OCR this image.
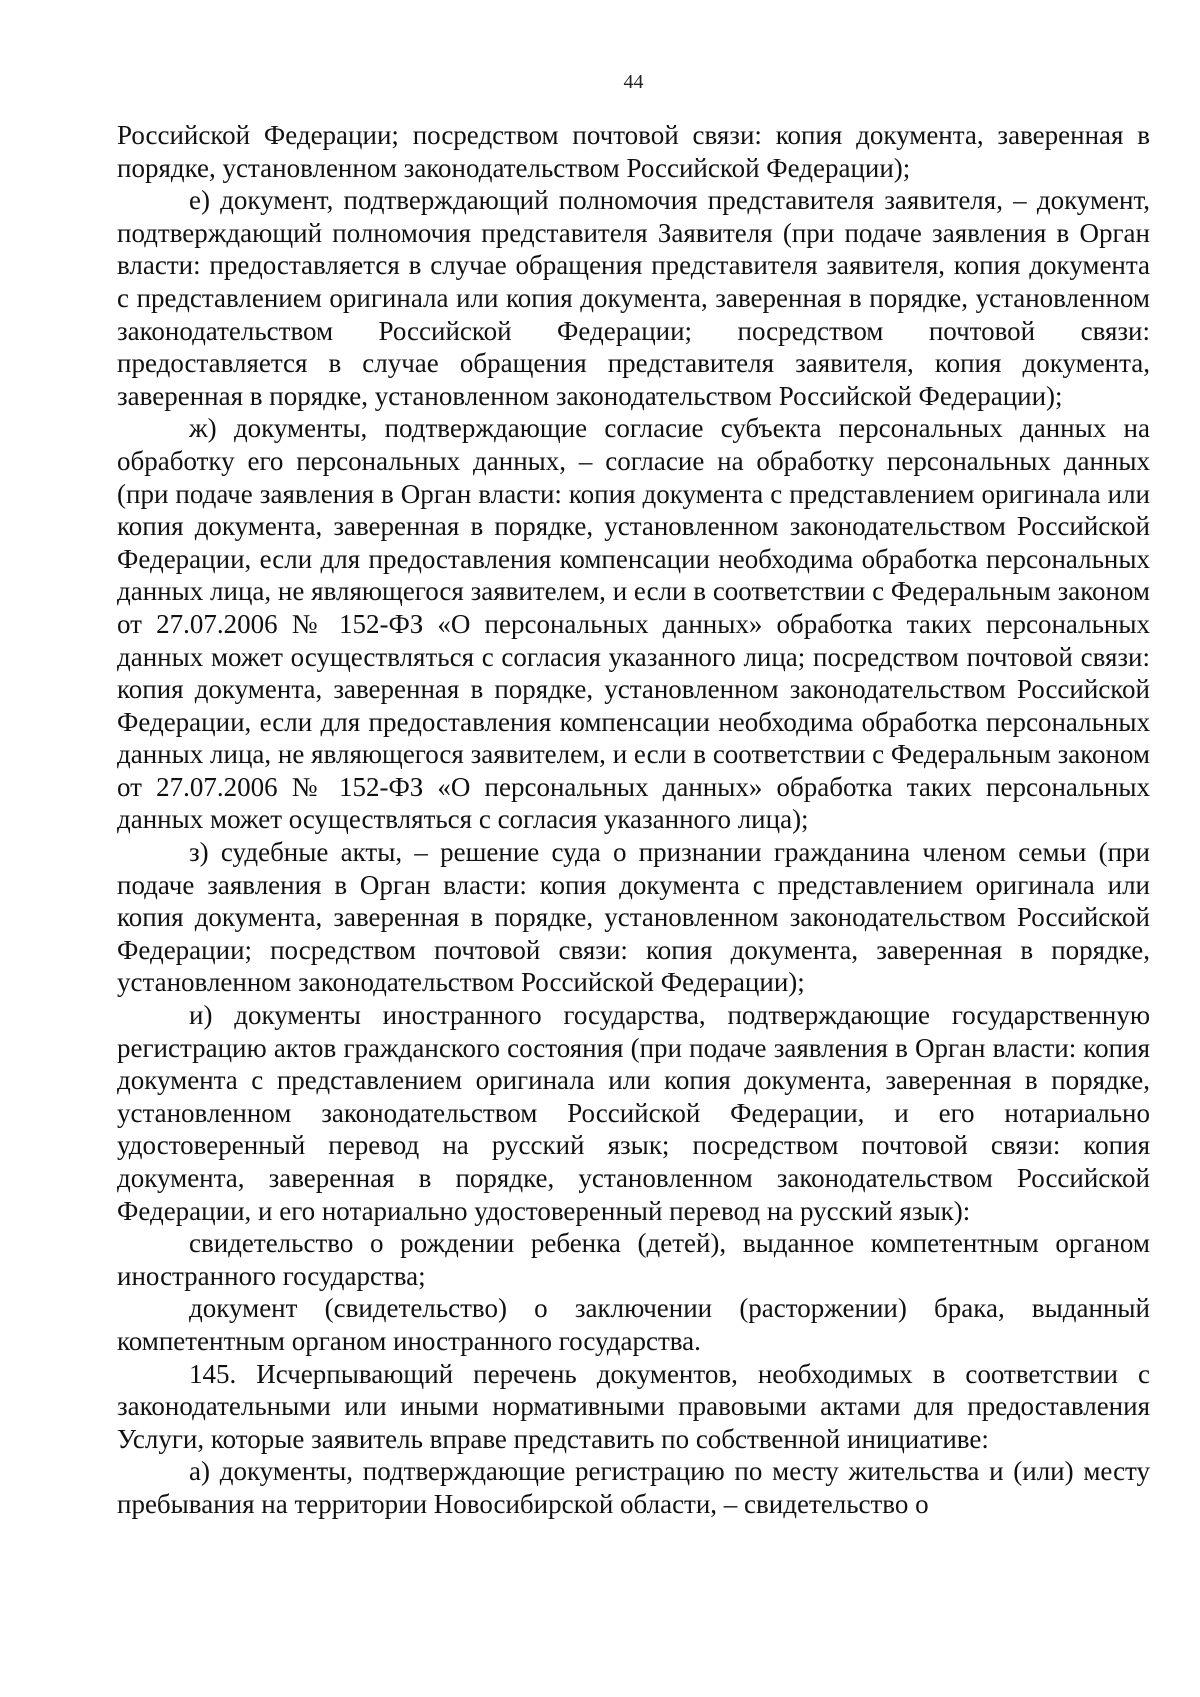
44

Российской Федерации; посредством почтовой связи: копия документа, заверенная в порядке, установленном законодательством Российской Федерации);

е) документ, подтверждающий полномочия представителя заявителя, – документ, подтверждающий полномочия представителя Заявителя (при подаче заявления в Орган власти: предоставляется в случае обращения представителя заявителя, копия документа с представлением оригинала или копия документа, заверенная в порядке, установленном законодательством Российской Федерации; посредством почтовой связи: предоставляется в случае обращения представителя заявителя, копия документа, заверенная в порядке, установленном законодательством Российской Федерации);

ж) документы, подтверждающие согласие субъекта персональных данных на обработку его персональных данных, – согласие на обработку персональных данных (при подаче заявления в Орган власти: копия документа с представлением оригинала или копия документа, заверенная в порядке, установленном законодательством Российской Федерации, если для предоставления компенсации необходима обработка персональных данных лица, не являющегося заявителем, и если в соответствии с Федеральным законом от 27.07.2006 № 152-ФЗ «О персональных данных» обработка таких персональных данных может осуществляться с согласия указанного лица; посредством почтовой связи: копия документа, заверенная в порядке, установленном законодательством Российской Федерации, если для предоставления компенсации необходима обработка персональных данных лица, не являющегося заявителем, и если в соответствии с Федеральным законом от 27.07.2006 № 152-ФЗ «О персональных данных» обработка таких персональных данных может осуществляться с согласия указанного лица);

з) судебные акты, – решение суда о признании гражданина членом семьи (при подаче заявления в Орган власти: копия документа с представлением оригинала или копия документа, заверенная в порядке, установленном законодательством Российской Федерации; посредством почтовой связи: копия документа, заверенная в порядке, установленном законодательством Российской Федерации);

и) документы иностранного государства, подтверждающие государственную регистрацию актов гражданского состояния (при подаче заявления в Орган власти: копия документа с представлением оригинала или копия документа, заверенная в порядке, установленном законодательством Российской Федерации, и его нотариально удостоверенный перевод на русский язык; посредством почтовой связи: копия документа, заверенная в порядке, установленном законодательством Российской Федерации, и его нотариально удостоверенный перевод на русский язык):

свидетельство о рождении ребенка (детей), выданное компетентным органом иностранного государства;

документ (свидетельство) о заключении (расторжении) брака, выданный компетентным органом иностранного государства.

145. Исчерпывающий перечень документов, необходимых в соответствии с законодательными или иными нормативными правовыми актами для предоставления Услуги, которые заявитель вправе представить по собственной инициативе:

а) документы, подтверждающие регистрацию по месту жительства и (или) месту пребывания на территории Новосибирской области, – свидетельство о
